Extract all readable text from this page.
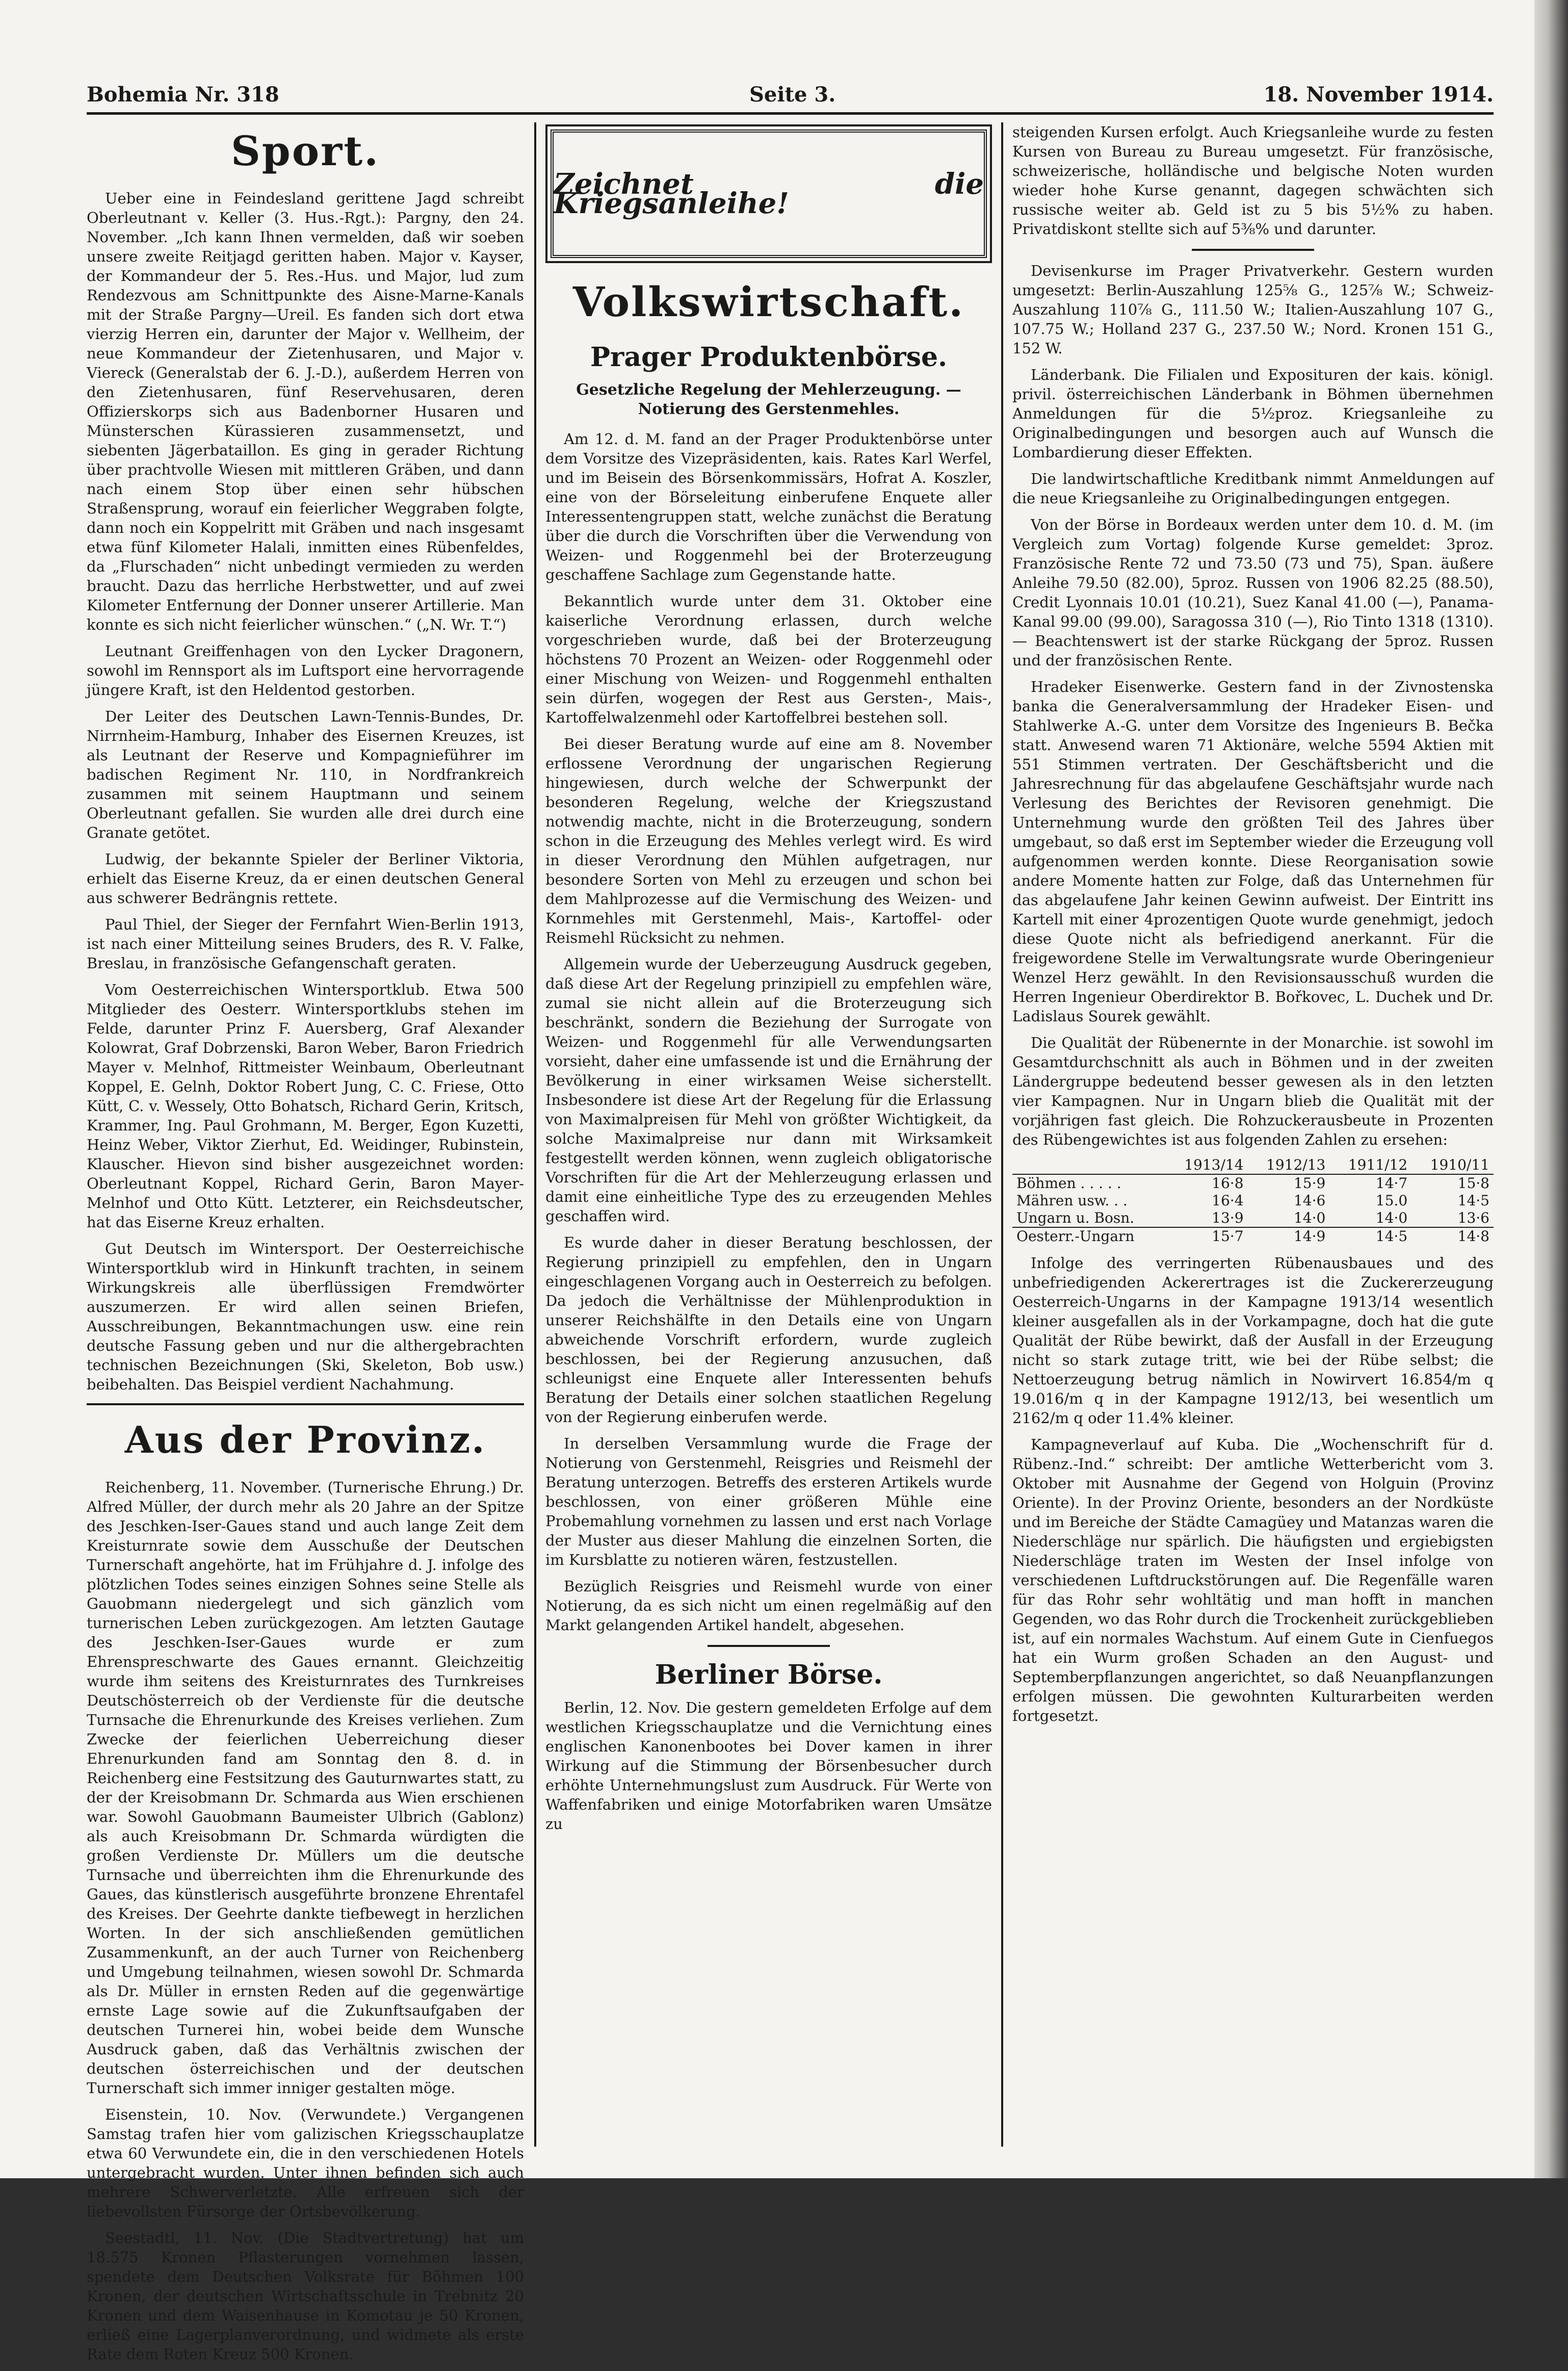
Bohemia Nr. 318	Seite 3.	18. November 1914.
Sport.

Ueber eine in Feindesland gerittene Jagd schreibt Oberleutnant v. Keller (3. Hus.-Rgt.): Pargny, den 24. November. „Ich kann Ihnen vermelden, daß wir soeben unsere zweite Reitjagd geritten haben. Major v. Kayser, der Kommandeur der 5. Res.-Hus. und Major, lud zum Rendezvous am Schnittpunkte des Aisne-Marne-Kanals mit der Straße Pargny—Ureil. Es fanden sich dort etwa vierzig Herren ein, darunter der Major v. Wellheim, der neue Kommandeur der Zietenhusaren, und Major v. Viereck (Generalstab der 6. J.-D.), außerdem Herren von den Zietenhusaren, fünf Reservehusaren, deren Offizierskorps sich aus Badenborner Husaren und Münsterschen Kürassieren zusammensetzt, und siebenten Jägerbataillon. Es ging in gerader Richtung über prachtvolle Wiesen mit mittleren Gräben, und dann nach einem Stop über einen sehr hübschen Straßensprung, worauf ein feierlicher Weggraben folgte, dann noch ein Koppelritt mit Gräben und nach insgesamt etwa fünf Kilometer Halali, inmitten eines Rübenfeldes, da „Flurschaden“ nicht unbedingt vermieden zu werden braucht. Dazu das herrliche Herbstwetter, und auf zwei Kilometer Entfernung der Donner unserer Artillerie. Man konnte es sich nicht feierlicher wünschen.“ („N. Wr. T.“)

Leutnant Greiffenhagen von den Lycker Dragonern, sowohl im Rennsport als im Luftsport eine hervorragende jüngere Kraft, ist den Heldentod gestorben.

Der Leiter des Deutschen Lawn-Tennis-Bundes, Dr. Nirrnheim-Hamburg, Inhaber des Eisernen Kreuzes, ist als Leutnant der Reserve und Kompagnieführer im badischen Regiment Nr. 110, in Nordfrankreich zusammen mit seinem Hauptmann und seinem Oberleutnant gefallen. Sie wurden alle drei durch eine Granate getötet.

Ludwig, der bekannte Spieler der Berliner Viktoria, erhielt das Eiserne Kreuz, da er einen deutschen General aus schwerer Bedrängnis rettete.

Paul Thiel, der Sieger der Fernfahrt Wien-Berlin 1913, ist nach einer Mitteilung seines Bruders, des R. V. Falke, Breslau, in französische Gefangenschaft geraten.

Vom Oesterreichischen Wintersportklub. Etwa 500 Mitglieder des Oesterr. Wintersportklubs stehen im Felde, darunter Prinz F. Auersberg, Graf Alexander Kolowrat, Graf Dobrzenski, Baron Weber, Baron Friedrich Mayer v. Melnhof, Rittmeister Weinbaum, Oberleutnant Koppel, E. Gelnh, Doktor Robert Jung, C. C. Friese, Otto Kütt, C. v. Wessely, Otto Bohatsch, Richard Gerin, Kritsch, Krammer, Ing. Paul Grohmann, M. Berger, Egon Kuzetti, Heinz Weber, Viktor Zierhut, Ed. Weidinger, Rubinstein, Klauscher. Hievon sind bisher ausgezeichnet worden: Oberleutnant Koppel, Richard Gerin, Baron Mayer-Melnhof und Otto Kütt. Letzterer, ein Reichsdeutscher, hat das Eiserne Kreuz erhalten.

Gut Deutsch im Wintersport. Der Oesterreichische Wintersportklub wird in Hinkunft trachten, in seinem Wirkungskreis alle überflüssigen Fremdwörter auszumerzen. Er wird allen seinen Briefen, Ausschreibungen, Bekanntmachungen usw. eine rein deutsche Fassung geben und nur die althergebrachten technischen Bezeichnungen (Ski, Skeleton, Bob usw.) beibehalten. Das Beispiel verdient Nachahmung.

Aus der Provinz.

Reichenberg, 11. November. (Turnerische Ehrung.) Dr. Alfred Müller, der durch mehr als 20 Jahre an der Spitze des Jeschken-Iser-Gaues stand und auch lange Zeit dem Kreisturnrate sowie dem Ausschuße der Deutschen Turnerschaft angehörte, hat im Frühjahre d. J. infolge des plötzlichen Todes seines einzigen Sohnes seine Stelle als Gauobmann niedergelegt und sich gänzlich vom turnerischen Leben zurückgezogen. Am letzten Gautage des Jeschken-Iser-Gaues wurde er zum Ehrenspreschwarte des Gaues ernannt. Gleichzeitig wurde ihm seitens des Kreisturnrates des Turnkreises Deutschösterreich ob der Verdienste für die deutsche Turnsache die Ehrenurkunde des Kreises verliehen. Zum Zwecke der feierlichen Ueberreichung dieser Ehrenurkunden fand am Sonntag den 8. d. in Reichenberg eine Festsitzung des Gauturnwartes statt, zu der der Kreisobmann Dr. Schmarda aus Wien erschienen war. Sowohl Gauobmann Baumeister Ulbrich (Gablonz) als auch Kreisobmann Dr. Schmarda würdigten die großen Verdienste Dr. Müllers um die deutsche Turnsache und überreichten ihm die Ehrenurkunde des Gaues, das künstlerisch ausgeführte bronzene Ehrentafel des Kreises. Der Geehrte dankte tiefbewegt in herzlichen Worten. In der sich anschließenden gemütlichen Zusammenkunft, an der auch Turner von Reichenberg und Umgebung teilnahmen, wiesen sowohl Dr. Schmarda als Dr. Müller in ernsten Reden auf die gegenwärtige ernste Lage sowie auf die Zukunftsaufgaben der deutschen Turnerei hin, wobei beide dem Wunsche Ausdruck gaben, daß das Verhältnis zwischen der deutschen österreichischen und der deutschen Turnerschaft sich immer inniger gestalten möge.

Eisenstein, 10. Nov. (Verwundete.) Vergangenen Samstag trafen hier vom galizischen Kriegsschauplatze etwa 60 Verwundete ein, die in den verschiedenen Hotels untergebracht wurden. Unter ihnen befinden sich auch mehrere Schwerverletzte. Alle erfreuen sich der liebevollsten Fürsorge der Ortsbevölkerung.

Seestadtl, 11. Nov. (Die Stadtvertretung) hat um 18.575 Kronen Pflasterungen vornehmen lassen, spendete dem Deutschen Volksrate für Böhmen 100 Kronen, der deutschen Wirtschaftsschule in Trebnitz 20 Kronen und dem Waisenhause in Komotau je 50 Kronen, erließ eine Lagerplanverordnung, und widmete als erste Rate dem Roten Kreuz 500 Kronen.

Zeichnet die Kriegsanleihe!
Volkswirtschaft.
Prager Produktenbörse.
Gesetzliche Regelung der Mehlerzeugung. — Notierung des Gerstenmehles.

Am 12. d. M. fand an der Prager Produktenbörse unter dem Vorsitze des Vizepräsidenten, kais. Rates Karl Werfel, und im Beisein des Börsenkommissärs, Hofrat A. Koszler, eine von der Börseleitung einberufene Enquete aller Interessentengruppen statt, welche zunächst die Beratung über die durch die Vorschriften über die Verwendung von Weizen- und Roggenmehl bei der Broterzeugung geschaffene Sachlage zum Gegenstande hatte.

Bekanntlich wurde unter dem 31. Oktober eine kaiserliche Verordnung erlassen, durch welche vorgeschrieben wurde, daß bei der Broterzeugung höchstens 70 Prozent an Weizen- oder Roggenmehl oder einer Mischung von Weizen- und Roggenmehl enthalten sein dürfen, wogegen der Rest aus Gersten-, Mais-, Kartoffelwalzenmehl oder Kartoffelbrei bestehen soll.

Bei dieser Beratung wurde auf eine am 8. November erflossene Verordnung der ungarischen Regierung hingewiesen, durch welche der Schwerpunkt der besonderen Regelung, welche der Kriegszustand notwendig machte, nicht in die Broterzeugung, sondern schon in die Erzeugung des Mehles verlegt wird. Es wird in dieser Verordnung den Mühlen aufgetragen, nur besondere Sorten von Mehl zu erzeugen und schon bei dem Mahlprozesse auf die Vermischung des Weizen- und Kornmehles mit Gerstenmehl, Mais-, Kartoffel- oder Reismehl Rücksicht zu nehmen.

Allgemein wurde der Ueberzeugung Ausdruck gegeben, daß diese Art der Regelung prinzipiell zu empfehlen wäre, zumal sie nicht allein auf die Broterzeugung sich beschränkt, sondern die Beziehung der Surrogate von Weizen- und Roggenmehl für alle Verwendungsarten vorsieht, daher eine umfassende ist und die Ernährung der Bevölkerung in einer wirksamen Weise sicherstellt. Insbesondere ist diese Art der Regelung für die Erlassung von Maximalpreisen für Mehl von größter Wichtigkeit, da solche Maximalpreise nur dann mit Wirksamkeit festgestellt werden können, wenn zugleich obligatorische Vorschriften für die Art der Mehlerzeugung erlassen und damit eine einheitliche Type des zu erzeugenden Mehles geschaffen wird.

Es wurde daher in dieser Beratung beschlossen, der Regierung prinzipiell zu empfehlen, den in Ungarn eingeschlagenen Vorgang auch in Oesterreich zu befolgen. Da jedoch die Verhältnisse der Mühlenproduktion in unserer Reichshälfte in den Details eine von Ungarn abweichende Vorschrift erfordern, wurde zugleich beschlossen, bei der Regierung anzusuchen, daß schleunigst eine Enquete aller Interessenten behufs Beratung der Details einer solchen staatlichen Regelung von der Regierung einberufen werde.

In derselben Versammlung wurde die Frage der Notierung von Gerstenmehl, Reisgries und Reismehl der Beratung unterzogen. Betreffs des ersteren Artikels wurde beschlossen, von einer größeren Mühle eine Probemahlung vornehmen zu lassen und erst nach Vorlage der Muster aus dieser Mahlung die einzelnen Sorten, die im Kursblatte zu notieren wären, festzustellen.

Bezüglich Reisgries und Reismehl wurde von einer Notierung, da es sich nicht um einen regelmäßig auf den Markt gelangenden Artikel handelt, abgesehen.

Berliner Börse.

Berlin, 12. Nov. Die gestern gemeldeten Erfolge auf dem westlichen Kriegsschauplatze und die Vernichtung eines englischen Kanonenbootes bei Dover kamen in ihrer Wirkung auf die Stimmung der Börsenbesucher durch erhöhte Unternehmungslust zum Ausdruck. Für Werte von Waffenfabriken und einige Motorfabriken waren Umsätze zu

steigenden Kursen erfolgt. Auch Kriegsanleihe wurde zu festen Kursen von Bureau zu Bureau umgesetzt. Für französische, schweizerische, holländische und belgische Noten wurden wieder hohe Kurse genannt, dagegen schwächten sich russische weiter ab. Geld ist zu 5 bis 5½% zu haben. Privatdiskont stellte sich auf 5⅜% und darunter.

Devisenkurse im Prager Privatverkehr. Gestern wurden umgesetzt: Berlin-Auszahlung 125⅝ G., 125⅞ W.; Schweiz-Auszahlung 110⅞ G., 111.50 W.; Italien-Auszahlung 107 G., 107.75 W.; Holland 237 G., 237.50 W.; Nord. Kronen 151 G., 152 W.

Länderbank. Die Filialen und Exposituren der kais. königl. privil. österreichischen Länderbank in Böhmen übernehmen Anmeldungen für die 5½proz. Kriegsanleihe zu Originalbedingungen und besorgen auch auf Wunsch die Lombardierung dieser Effekten.

Die landwirtschaftliche Kreditbank nimmt Anmeldungen auf die neue Kriegsanleihe zu Originalbedingungen entgegen.

Von der Börse in Bordeaux werden unter dem 10. d. M. (im Vergleich zum Vortag) folgende Kurse gemeldet: 3proz. Französische Rente 72 und 73.50 (73 und 75), Span. äußere Anleihe 79.50 (82.00), 5proz. Russen von 1906 82.25 (88.50), Credit Lyonnais 10.01 (10.21), Suez Kanal 41.00 (—), Panama-Kanal 99.00 (99.00), Saragossa 310 (—), Rio Tinto 1318 (1310). — Beachtenswert ist der starke Rückgang der 5proz. Russen und der französischen Rente.

Hradeker Eisenwerke. Gestern fand in der Zivnostenska banka die Generalversammlung der Hradeker Eisen- und Stahlwerke A.-G. unter dem Vorsitze des Ingenieurs B. Bečka statt. Anwesend waren 71 Aktionäre, welche 5594 Aktien mit 551 Stimmen vertraten. Der Geschäftsbericht und die Jahresrechnung für das abgelaufene Geschäftsjahr wurde nach Verlesung des Berichtes der Revisoren genehmigt. Die Unternehmung wurde den größten Teil des Jahres über umgebaut, so daß erst im September wieder die Erzeugung voll aufgenommen werden konnte. Diese Reorganisation sowie andere Momente hatten zur Folge, daß das Unternehmen für das abgelaufene Jahr keinen Gewinn aufweist. Der Eintritt ins Kartell mit einer 4prozentigen Quote wurde genehmigt, jedoch diese Quote nicht als befriedigend anerkannt. Für die freigewordene Stelle im Verwaltungsrate wurde Oberingenieur Wenzel Herz gewählt. In den Revisionsausschuß wurden die Herren Ingenieur Oberdirektor B. Bořkovec, L. Duchek und Dr. Ladislaus Sourek gewählt.

Die Qualität der Rübenernte in der Monarchie. ist sowohl im Gesamtdurchschnitt als auch in Böhmen und in der zweiten Ländergruppe bedeutend besser gewesen als in den letzten vier Kampagnen. Nur in Ungarn blieb die Qualität mit der vorjährigen fast gleich. Die Rohzuckerausbeute in Prozenten des Rübengewichtes ist aus folgenden Zahlen zu ersehen:

	1913/14	1912/13	1911/12	1910/11
Böhmen . . . . .	16·8	15·9	14·7	15·8
Mähren usw. . .	16·4	14·6	15.0	14·5
Ungarn u. Bosn.	13·9	14·0	14·0	13·6
Oesterr.-Ungarn	15·7	14·9	14·5	14·8

Infolge des verringerten Rübenausbaues und des unbefriedigenden Ackerertrages ist die Zuckererzeugung Oesterreich-Ungarns in der Kampagne 1913/14 wesentlich kleiner ausgefallen als in der Vorkampagne, doch hat die gute Qualität der Rübe bewirkt, daß der Ausfall in der Erzeugung nicht so stark zutage tritt, wie bei der Rübe selbst; die Nettoerzeugung betrug nämlich in Nowirvert 16.854/m q 19.016/m q in der Kampagne 1912/13, bei wesentlich um 2162/m q oder 11.4% kleiner.

Kampagneverlauf auf Kuba. Die „Wochenschrift für d. Rübenz.-Ind.“ schreibt: Der amtliche Wetterbericht vom 3. Oktober mit Ausnahme der Gegend von Holguin (Provinz Oriente). In der Provinz Oriente, besonders an der Nordküste und im Bereiche der Städte Camagüey und Matanzas waren die Niederschläge nur spärlich. Die häufigsten und ergiebigsten Niederschläge traten im Westen der Insel infolge von verschiedenen Luftdruckstörungen auf. Die Regenfälle waren für das Rohr sehr wohltätig und man hofft in manchen Gegenden, wo das Rohr durch die Trockenheit zurückgeblieben ist, auf ein normales Wachstum. Auf einem Gute in Cienfuegos hat ein Wurm großen Schaden an den August- und Septemberpflanzungen angerichtet, so daß Neuanpflanzungen erfolgen müssen. Die gewohnten Kulturarbeiten werden fortgesetzt.
